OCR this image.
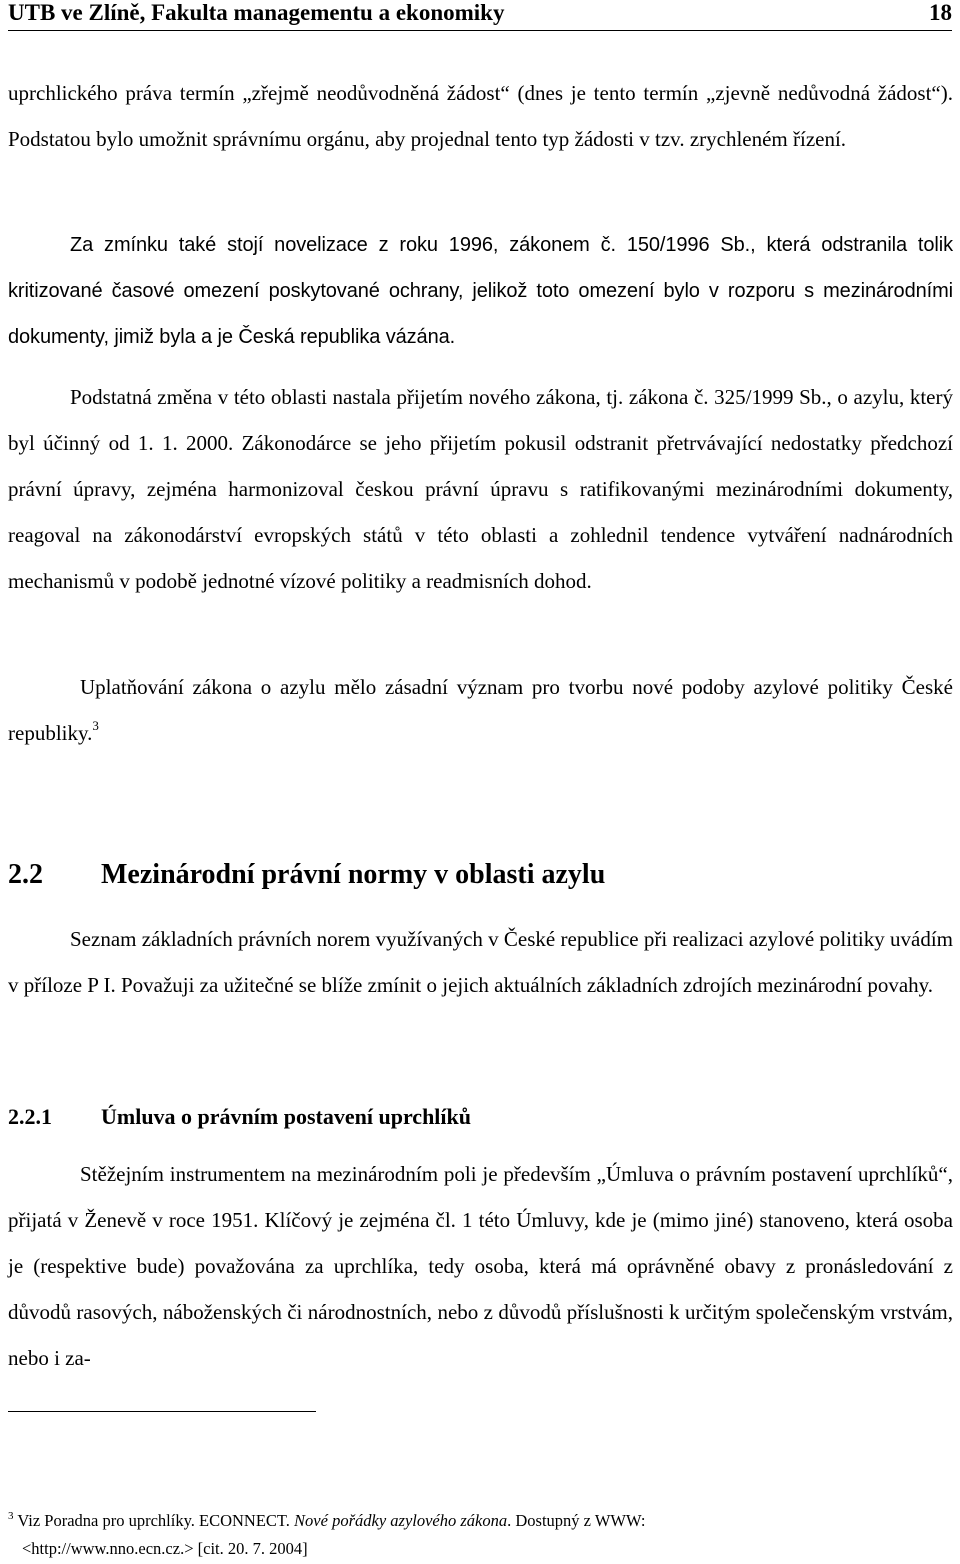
UTB ve Zlíně, Fakulta managementu a ekonomiky	18

uprchlického práva termín „zřejmě neodůvodněná žádost“ (dnes je tento termín „zjevně nedůvodná žádost“). Podstatou bylo umožnit správnímu orgánu, aby projednal tento typ žádosti v tzv. zrychleném řízení.

Za zmínku také stojí novelizace z roku 1996, zákonem č. 150/1996 Sb., která odstranila tolik kritizované časové omezení poskytované ochrany, jelikož toto omezení bylo v rozporu s mezinárodními dokumenty, jimiž byla a je Česká republika vázána.

Podstatná změna v této oblasti nastala přijetím nového zákona, tj. zákona č. 325/1999 Sb., o azylu, který byl účinný od 1. 1. 2000. Zákonodárce se jeho přijetím pokusil odstranit přetrvávající nedostatky předchozí právní úpravy, zejména harmonizoval českou právní úpravu s ratifikovanými mezinárodními dokumenty, reagoval na zákonodárství evropských států v této oblasti a zohlednil tendence vytváření nadnárodních mechanismů v podobě jednotné vízové politiky a readmisních dohod.

Uplatňování zákona o azylu mělo zásadní význam pro tvorbu nové podoby azylové politiky České republiky.$^3$

2.2 Mezinárodní právní normy v oblasti azylu

Seznam základních právních norem využívaných v České republice při realizaci azylové politiky uvádím v příloze P I. Považuji za užitečné se blíže zmínit o jejich aktuálních základních zdrojích mezinárodní povahy.

2.2.1 Úmluva o právním postavení uprchlíků

Stěžejním instrumentem na mezinárodním poli je především „Úmluva o právním postavení uprchlíků“, přijatá v Ženevě v roce 1951. Klíčový je zejména čl. 1 této Úmluvy, kde je (mimo jiné) stanoveno, která osoba je (respektive bude) považována za uprchlíka, tedy osoba, která má oprávněné obavy z pronásledování z důvodů rasových, náboženských či národnostních, nebo z důvodů příslušnosti k určitým společenským vrstvám, nebo i za-

$^3$ Viz Poradna pro uprchlíky. ECONNECT. Nové pořádky azylového zákona. Dostupný z WWW:
<http://www.nno.ecn.cz.> [cit. 20. 7. 2004]
